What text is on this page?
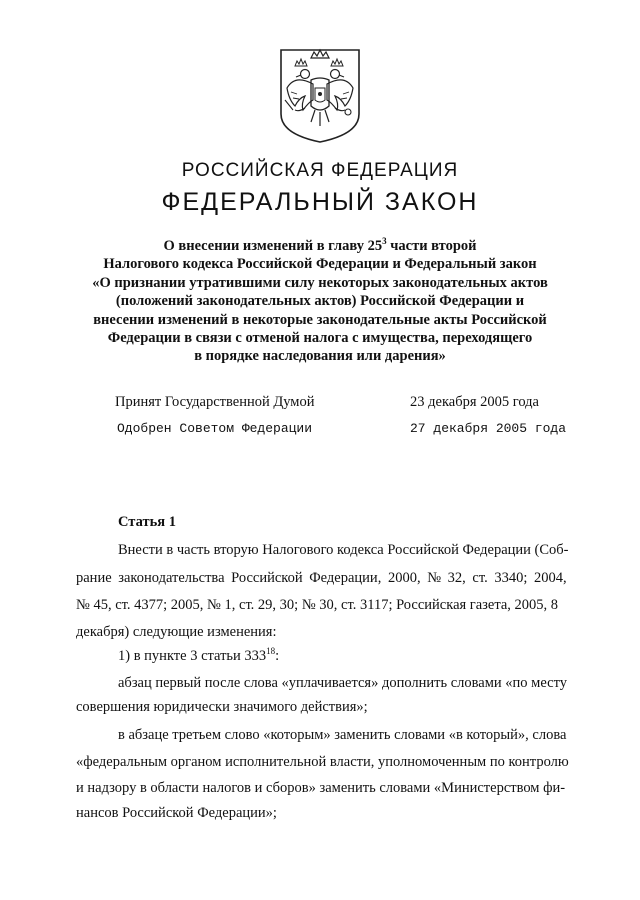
РОССИЙСКАЯ ФЕДЕРАЦИЯ
ФЕДЕРАЛЬНЫЙ ЗАКОН
О внесении изменений в главу $25^3$ части второй
Налогового кодекса Российской Федерации и Федеральный закон
«О признании утратившими силу некоторых законодательных актов
(положений законодательных актов) Российской Федерации и
внесении изменений в некоторые законодательные акты Российской
Федерации в связи с отменой налога с имущества, переходящего
в порядке наследования или дарения»
Принят Государственной Думой	23 декабря 2005 года
Одобрен Советом Федерации	27 декабря 2005 года
Статья 1
Внести в часть вторую Налогового кодекса Российской Федерации (Соб-
рание законодательства Российской Федерации, 2000, № 32, ст. 3340; 2004,
№ 45, ст. 4377; 2005, № 1, ст. 29, 30; № 30, ст. 3117; Российская газета, 2005, 8
декабря) следующие изменения:
1) в пункте 3 статьи $333^{18}$:
абзац первый после слова «уплачивается» дополнить словами «по месту
совершения юридически значимого действия»;
в абзаце третьем слово «которым» заменить словами «в который», слова
«федеральным органом исполнительной власти, уполномоченным по контролю
и надзору в области налогов и сборов» заменить словами «Министерством фи-
нансов Российской Федерации»;
